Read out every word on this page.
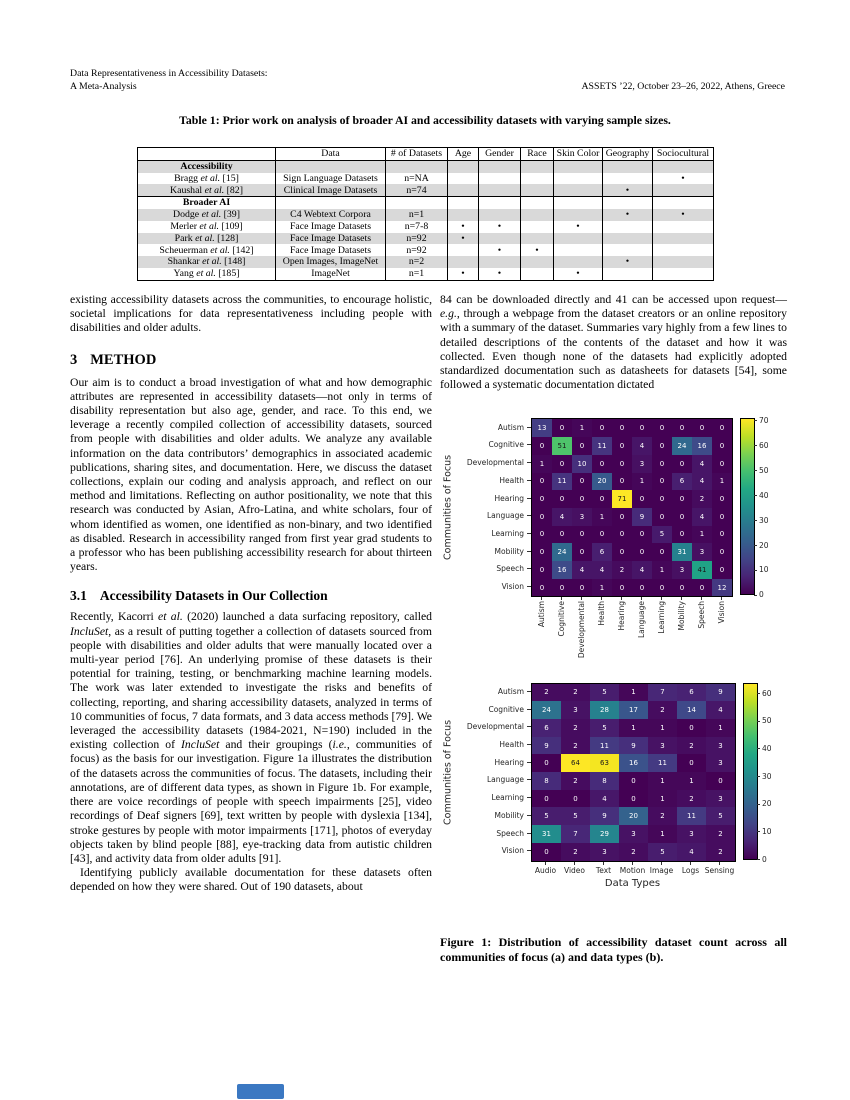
Data Representativeness in Accessibility Datasets:
A Meta-Analysis	ASSETS ’22, October 23–26, 2022, Athens, Greece
Table 1: Prior work on analysis of broader AI and accessibility datasets with varying sample sizes.
	Data	# of Datasets	Age	Gender	Race	Skin Color	Geography	Sociocultural
Accessibility								
Bragg et al. [15]	Sign Language Datasets	n=NA						•
Kaushal et al. [82]	Clinical Image Datasets	n=74					•	
Broader AI								
Dodge et al. [39]	C4 Webtext Corpora	n=1					•	•
Merler et al. [109]	Face Image Datasets	n=7-8	•	•		•		
Park et al. [128]	Face Image Datasets	n=92	•					
Scheuerman et al. [142]	Face Image Datasets	n=92		•	•			
Shankar et al. [148]	Open Images, ImageNet	n=2					•	
Yang et al. [185]	ImageNet	n=1	•	•		•		

existing accessibility datasets across the communities, to encourage holistic, societal implications for data representativeness including people with disabilities and older adults.

3 METHOD

Our aim is to conduct a broad investigation of what and how demographic attributes are represented in accessibility datasets—not only in terms of disability representation but also age, gender, and race. To this end, we leverage a recently compiled collection of accessibility datasets, sourced from people with disabilities and older adults. We analyze any available information on the data contributors’ demographics in associated academic publications, sharing sites, and documentation. Here, we discuss the dataset collections, explain our coding and analysis approach, and reflect on our method and limitations. Reflecting on author positionality, we note that this research was conducted by Asian, Afro-Latina, and white scholars, four of whom identified as women, one identified as non-binary, and two identified as disabled. Research in accessibility ranged from first year grad students to a professor who has been publishing accessibility research for about thirteen years.

3.1 Accessibility Datasets in Our Collection

Recently, Kacorri et al. (2020) launched a data surfacing repository, called IncluSet, as a result of putting together a collection of datasets sourced from people with disabilities and older adults that were manually located over a multi-year period [76]. An underlying promise of these datasets is their potential for training, testing, or benchmarking machine learning models. The work was later extended to investigate the risks and benefits of collecting, reporting, and sharing accessibility datasets, analyzed in terms of 10 communities of focus, 7 data formats, and 3 data access methods [79]. We leveraged the accessibility datasets (1984-2021, N=190) included in the existing collection of IncluSet and their groupings (i.e., communities of focus) as the basis for our investigation. Figure 1a illustrates the distribution of the datasets across the communities of focus. The datasets, including their annotations, are of different data types, as shown in Figure 1b. For example, there are voice recordings of people with speech impairments [25], video recordings of Deaf signers [69], text written by people with dyslexia [134], stroke gestures by people with motor impairments [171], photos of everyday objects taken by blind people [88], eye-tracking data from autistic children [43], and activity data from older adults [91].

Identifying publicly available documentation for these datasets often depended on how they were shared. Out of 190 datasets, about

84 can be downloaded directly and 41 can be accessed upon request—e.g., through a webpage from the dataset creators or an online repository with a summary of the dataset. Summaries vary highly from a few lines to detailed descriptions of the contents of the dataset and how it was collected. Even though none of the datasets had explicitly adopted standardized documentation such as datasheets for datasets [54], some followed a systematic documentation dictated

Communities of Focus
Autism
Cognitive
Developmental
Health
Hearing
Language
Learning
Mobility
Speech
Vision
13	0	1	0	0	0	0	0	0	0
0	51	0	11	0	4	0	24	16	0
1	0	10	0	0	3	0	0	4	0
0	11	0	20	0	1	0	6	4	1
0	0	0	0	71	0	0	0	2	0
0	4	3	1	0	9	0	0	4	0
0	0	0	0	0	0	5	0	1	0
0	24	0	6	0	0	0	31	3	0
0	16	4	4	2	4	1	3	41	0
0	0	0	1	0	0	0	0	0	12
0
10
20
30
40
50
60
70
Autism Cognitive Developmental Health Hearing Language Learning Mobility Speech Vision
Communities of Focus
Autism
Cognitive
Developmental
Health
Hearing
Language
Learning
Mobility
Speech
Vision
2	2	5	1	7	6	9
24	3	28	17	2	14	4
6	2	5	1	1	0	1
9	2	11	9	3	2	3
0	64	63	16	11	0	3
8	2	8	0	1	1	0
0	0	4	0	1	2	3
5	5	9	20	2	11	5
31	7	29	3	1	3	2
0	2	3	2	5	4	2
0
10
20
30
40
50
60
Audio Video Text Motion Image Logs Sensing
Data Types
Figure 1: Distribution of accessibility dataset count across all communities of focus (a) and data types (b).
